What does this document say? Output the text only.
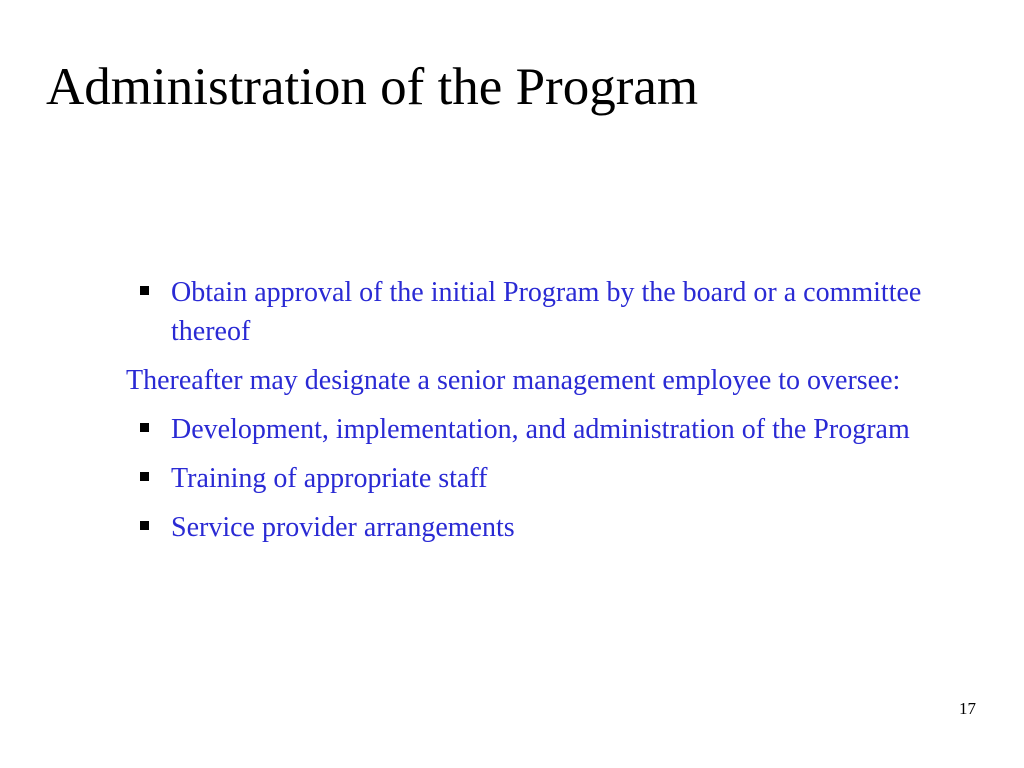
Administration of the Program
Obtain approval of the initial Program by the board or a committee thereof
Thereafter may designate a senior management employee to oversee:
Development, implementation, and administration of the Program
Training of appropriate staff
Service provider arrangements
17
